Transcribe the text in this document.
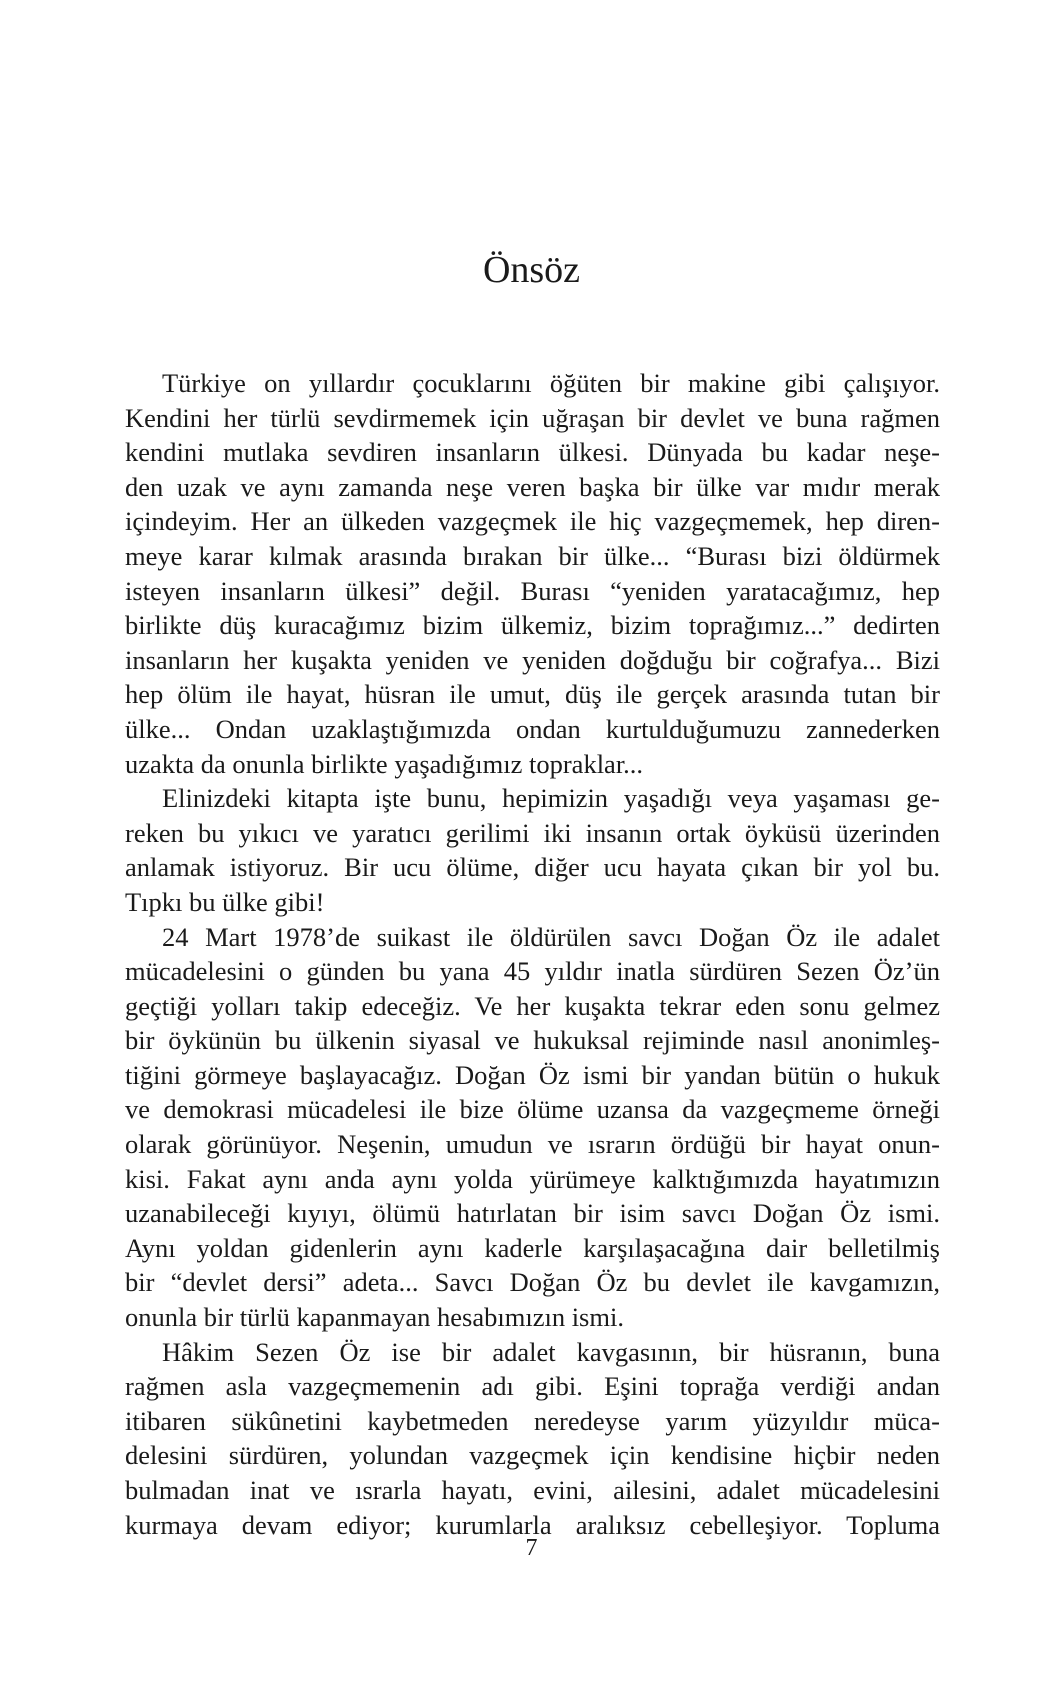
Önsöz
Türkiye on yıllardır çocuklarını öğüten bir makine gibi çalışıyor.
Kendini her türlü sevdirmemek için uğraşan bir devlet ve buna rağmen
kendini mutlaka sevdiren insanların ülkesi. Dünyada bu kadar neşe-
den uzak ve aynı zamanda neşe veren başka bir ülke var mıdır merak
içindeyim. Her an ülkeden vazgeçmek ile hiç vazgeçmemek, hep diren-
meye karar kılmak arasında bırakan bir ülke... “Burası bizi öldürmek
isteyen insanların ülkesi” değil. Burası “yeniden yaratacağımız, hep
birlikte düş kuracağımız bizim ülkemiz, bizim toprağımız...” dedirten
insanların her kuşakta yeniden ve yeniden doğduğu bir coğrafya... Bizi
hep ölüm ile hayat, hüsran ile umut, düş ile gerçek arasında tutan bir
ülke... Ondan uzaklaştığımızda ondan kurtulduğumuzu zannederken
uzakta da onunla birlikte yaşadığımız topraklar...
Elinizdeki kitapta işte bunu, hepimizin yaşadığı veya yaşaması ge-
reken bu yıkıcı ve yaratıcı gerilimi iki insanın ortak öyküsü üzerinden
anlamak istiyoruz. Bir ucu ölüme, diğer ucu hayata çıkan bir yol bu.
Tıpkı bu ülke gibi!
24 Mart 1978’de suikast ile öldürülen savcı Doğan Öz ile adalet
mücadelesini o günden bu yana 45 yıldır inatla sürdüren Sezen Öz’ün
geçtiği yolları takip edeceğiz. Ve her kuşakta tekrar eden sonu gelmez
bir öykünün bu ülkenin siyasal ve hukuksal rejiminde nasıl anonimleş-
tiğini görmeye başlayacağız. Doğan Öz ismi bir yandan bütün o hukuk
ve demokrasi mücadelesi ile bize ölüme uzansa da vazgeçmeme örneği
olarak görünüyor. Neşenin, umudun ve ısrarın ördüğü bir hayat onun-
kisi. Fakat aynı anda aynı yolda yürümeye kalktığımızda hayatımızın
uzanabileceği kıyıyı, ölümü hatırlatan bir isim savcı Doğan Öz ismi.
Aynı yoldan gidenlerin aynı kaderle karşılaşacağına dair belletilmiş
bir “devlet dersi” adeta... Savcı Doğan Öz bu devlet ile kavgamızın,
onunla bir türlü kapanmayan hesabımızın ismi.
Hâkim Sezen Öz ise bir adalet kavgasının, bir hüsranın, buna
rağmen asla vazgeçmemenin adı gibi. Eşini toprağa verdiği andan
itibaren sükûnetini kaybetmeden neredeyse yarım yüzyıldır müca-
delesini sürdüren, yolundan vazgeçmek için kendisine hiçbir neden
bulmadan inat ve ısrarla hayatı, evini, ailesini, adalet mücadelesini
kurmaya devam ediyor; kurumlarla aralıksız cebelleşiyor. Topluma
7
